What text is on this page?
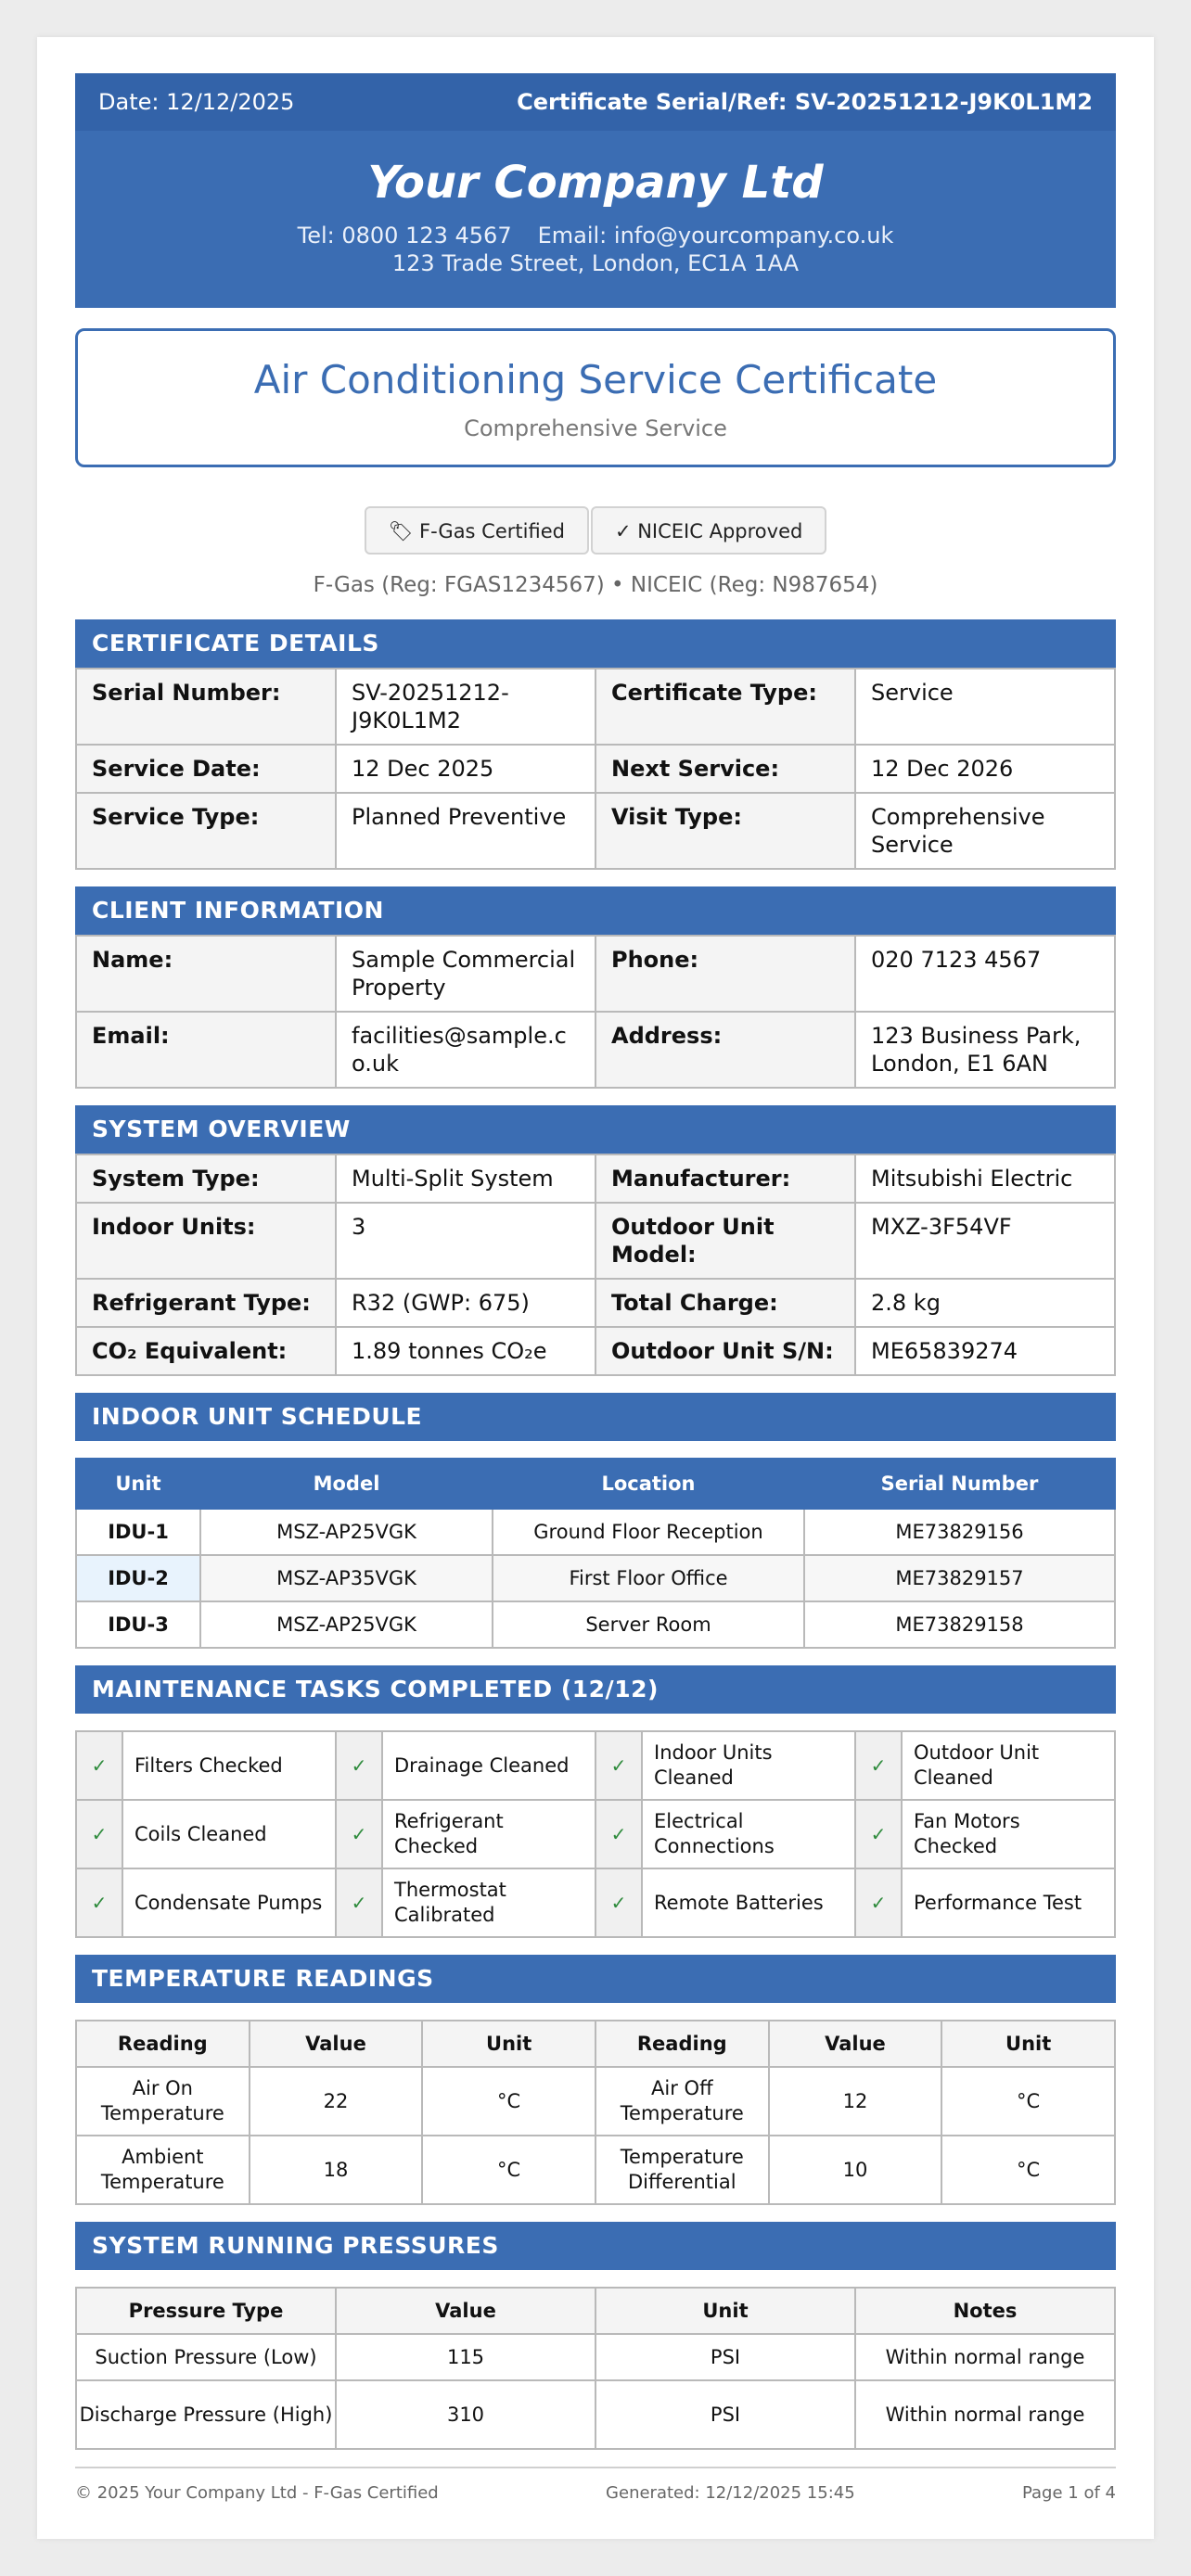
Date: 12/12/2025	Certificate Serial/Ref: SV-20251212-J9K0L1M2
Your Company Ltd
Tel: 0800 123 4567 Email: info@yourcompany.co.uk
123 Trade Street, London, EC1A 1AA
Air Conditioning Service Certificate
Comprehensive Service
🏷 F-Gas Certified	✓ NICEIC Approved
F-Gas (Reg: FGAS1234567) • NICEIC (Reg: N987654)
CERTIFICATE DETAILS
Serial Number:	SV-20251212-J9K0L1M2	Certificate Type:	Service
Service Date:	12 Dec 2025	Next Service:	12 Dec 2026
Service Type:	Planned Preventive	Visit Type:	Comprehensive Service
CLIENT INFORMATION
Name:	Sample Commercial Property	Phone:	020 7123 4567
Email:	facilities@sample.co.uk	Address:	123 Business Park, London, E1 6AN
SYSTEM OVERVIEW
System Type:	Multi-Split System	Manufacturer:	Mitsubishi Electric
Indoor Units:	3	Outdoor Unit Model:	MXZ-3F54VF
Refrigerant Type:	R32 (GWP: 675)	Total Charge:	2.8 kg
CO₂ Equivalent:	1.89 tonnes CO₂e	Outdoor Unit S/N:	ME65839274
INDOOR UNIT SCHEDULE
Unit	Model	Location	Serial Number
IDU-1	MSZ-AP25VGK	Ground Floor Reception	ME73829156
IDU-2	MSZ-AP35VGK	First Floor Office	ME73829157
IDU-3	MSZ-AP25VGK	Server Room	ME73829158
MAINTENANCE TASKS COMPLETED (12/12)
✓	Filters Checked	✓	Drainage Cleaned	✓	Indoor Units Cleaned	✓	Outdoor Unit Cleaned
✓	Coils Cleaned	✓	Refrigerant Checked	✓	Electrical Connections	✓	Fan Motors Checked
✓	Condensate Pumps	✓	Thermostat Calibrated	✓	Remote Batteries	✓	Performance Test
TEMPERATURE READINGS
Reading	Value	Unit	Reading	Value	Unit
Air On Temperature	22	°C	Air Off Temperature	12	°C
Ambient Temperature	18	°C	Temperature Differential	10	°C
SYSTEM RUNNING PRESSURES
Pressure Type	Value	Unit	Notes
Suction Pressure (Low)	115	PSI	Within normal range
Discharge Pressure (High)	310	PSI	Within normal range
© 2025 Your Company Ltd - F-Gas Certified	Generated: 12/12/2025 15:45	Page 1 of 4
